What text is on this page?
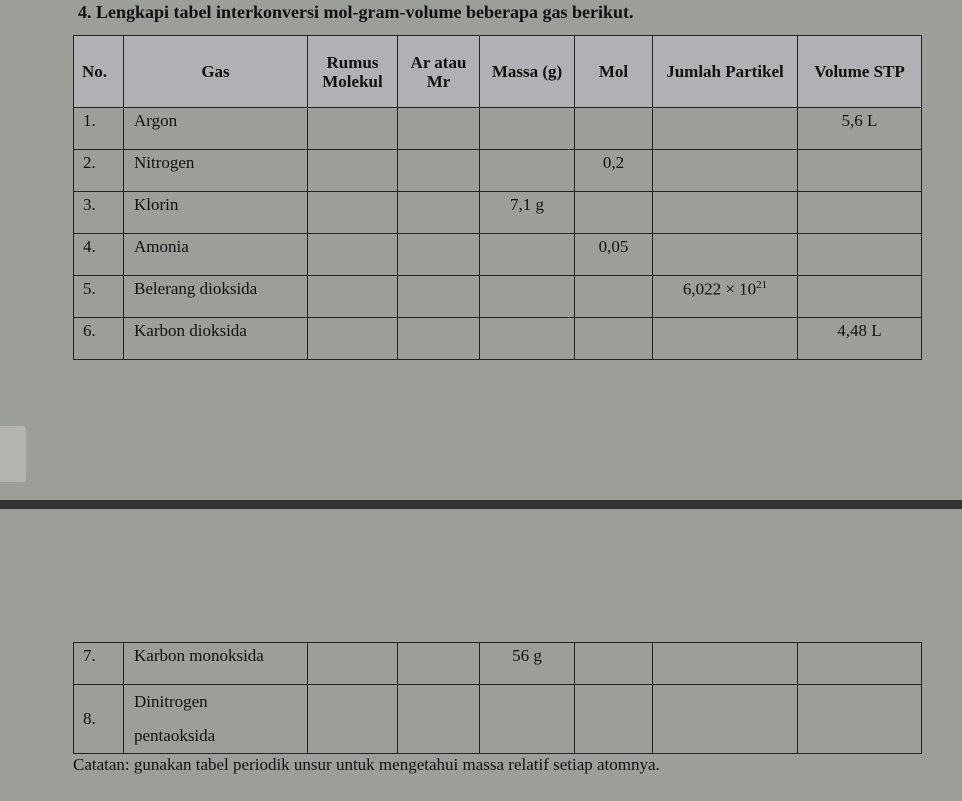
4. Lengkapi tabel interkonversi mol-gram-volume beberapa gas berikut.
No.	Gas	Rumus Molekul	Ar atau Mr	Massa (g)	Mol	Jumlah Partikel	Volume STP
1.	Argon						5,6 L
2.	Nitrogen				0,2		
3.	Klorin			7,1 g			
4.	Amonia				0,05		
5.	Belerang dioksida					$6,022 \times 10^{21}$	
6.	Karbon dioksida						4,48 L
7.	Karbon monoksida			56 g			
8.	Dinitrogen
pentaoksida						
Catatan: gunakan tabel periodik unsur untuk mengetahui massa relatif setiap atomnya.
